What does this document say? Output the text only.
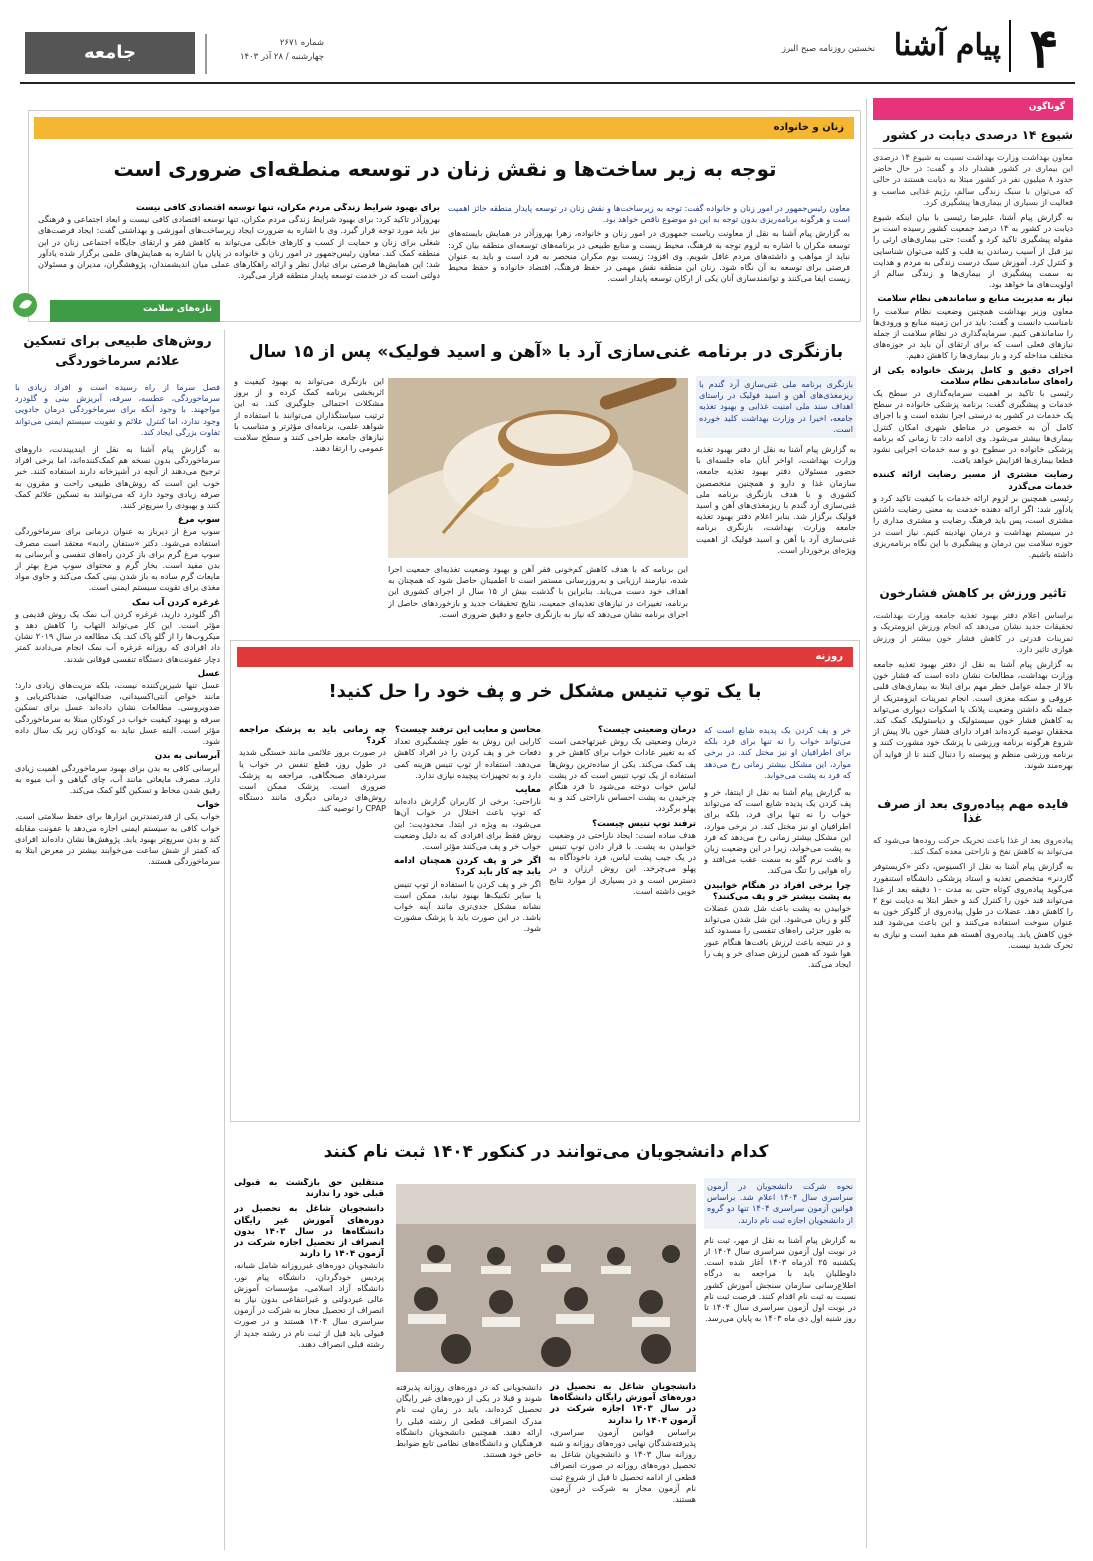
۴
پیام آشنا
نخستین روزنامه صبح البرز
جامعه	شماره ۲۶۷۱
چهارشنبه / ۲۸ آذر ۱۴۰۳
گوناگون
شیوع ۱۴ درصدی دیابت در کشور
معاون بهداشت وزارت بهداشت نسبت به شیوع ۱۴ درصدی این بیماری در کشور هشدار داد و گفت: در حال حاضر حدود ۸ میلیون نفر در کشور مبتلا به دیابت هستند در حالی که می‌توان با سبک زندگی سالم، رژیم غذایی مناسب و فعالیت از بسیاری از بیماری‌ها پیشگیری کرد.
به گزارش پیام آشنا، علیرضا رئیسی با بیان اینکه شیوع دیابت در کشور به ۱۴ درصد جمعیت کشور رسیده است بر مقوله پیشگیری تاکید کرد و گفت: حتی بیماری‌های ارثی را نیز قبل از آسیب رساندن به قلب و کلیه می‌توان شناسایی و کنترل کرد. آموزش سبک درست زندگی به مردم و هدایت به سمت پیشگیری از بیماری‌ها و زندگی سالم از اولویت‌های ما خواهد بود.
نیاز به مدیریت منابع و ساماندهی نظام سلامت
معاون وزیر بهداشت همچنین وضعیت نظام سلامت را نامناسب دانست و گفت: باید در این زمینه منابع و ورودی‌ها را ساماندهی کنیم. سرمایه‌گذاری در نظام سلامت از جمله نیازهای فعلی است که برای ارتقای آن باید در حوزه‌های مختلف مداخله کرد و بار بیماری‌ها را کاهش دهیم.
اجرای دقیق و کامل پزشک خانواده یکی از راه‌های ساماندهی نظام سلامت
رئیسی با تاکید بر اهمیت سرمایه‌گذاری در سطح یک خدمات و پیشگیری گفت: برنامه پزشکی خانواده در سطح یک خدمات در کشور به درستی اجرا نشده است و با اجرای کامل آن به خصوص در مناطق شهری امکان کنترل بیماری‌ها بیشتر می‌شود. وی ادامه داد: تا زمانی که برنامه پزشکی خانواده در سطوح دو و سه خدمات اجرایی نشود قطعا بیماری‌ها افزایش خواهد یافت.
رضایت مشتری از مسیر رضایت ارائه کننده خدمات می‌گذرد
رئیسی همچنین بر لزوم ارائه خدمات با کیفیت تاکید کرد و یادآور شد: اگر ارائه دهنده خدمت به معنی رضایت داشتن مشتری است، پس باید فرهنگ رضایت و مشتری مداری را در سیستم بهداشت و درمان نهادینه کنیم. نیاز است در حوزه سلامت بین درمان و پیشگیری با این نگاه برنامه‌ریزی داشته باشیم.
تاثیر ورزش بر کاهش فشارخون
براساس اعلام دفتر بهبود تغذیه جامعه وزارت بهداشت، تحقیقات جدید نشان می‌دهد که انجام ورزش ایزومتریک و تمرینات قدرتی در کاهش فشار خون بیشتر از ورزش هوازی تاثیر دارد.
به گزارش پیام آشنا به نقل از دفتر بهبود تغذیه جامعه وزارت بهداشت، مطالعات نشان داده است که فشار خون بالا از جمله عوامل خطر مهم برای ابتلا به بیماری‌های قلبی عروقی و سکته مغزی است. انجام تمرینات ایزومتریک از جمله نگه داشتن وضعیت پلانک یا اسکوات دیواری می‌تواند به کاهش فشار خون سیستولیک و دیاستولیک کمک کند. محققان توصیه کرده‌اند افراد دارای فشار خون بالا پیش از شروع هرگونه برنامه ورزشی با پزشک خود مشورت کنند و برنامه ورزشی منظم و پیوسته را دنبال کنند تا از فواید آن بهره‌مند شوند.
فایده مهم پیاده‌روی بعد از صرف غذا
پیاده‌روی بعد از غذا باعث تحریک حرکت روده‌ها می‌شود که می‌تواند به کاهش نفخ و ناراحتی معده کمک کند.
به گزارش پیام آشنا به نقل از اکسیوس، دکتر «کریستوفر گاردنر» متخصص تغذیه و استاد پزشکی دانشگاه استنفورد می‌گوید پیاده‌روی کوتاه حتی به مدت ۱۰ دقیقه بعد از غذا می‌تواند قند خون را کنترل کند و خطر ابتلا به دیابت نوع ۲ را کاهش دهد. عضلات در طول پیاده‌روی از گلوکز خون به عنوان سوخت استفاده می‌کنند و این باعث می‌شود قند خون کاهش یابد. پیاده‌روی آهسته هم مفید است و نیازی به تحرک شدید نیست.
زنان و خانواده
توجه به زیر ساخت‌ها و نقش زنان در توسعه منطقه‌ای ضروری است
معاون رئیس‌جمهور در امور زنان و خانواده گفت: توجه به زیرساخت‌ها و نقش زنان در توسعه پایدار منطقه حائز اهمیت است و هرگونه برنامه‌ریزی بدون توجه به این دو موضوع ناقص خواهد بود.
به گزارش پیام آشنا به نقل از معاونت ریاست جمهوری در امور زنان و خانواده، زهرا بهروزآذر در همایش بایسته‌های توسعه مکران با اشاره به لزوم توجه به فرهنگ، محیط زیست و منابع طبیعی در برنامه‌های توسعه‌ای منطقه بیان کرد: نباید از مواهب و داشته‌های مردم غافل شویم. وی افزود: زیست بوم مکران منحصر به فرد است و باید به عنوان فرصتی برای توسعه به آن نگاه شود. زنان این منطقه نقش مهمی در حفظ فرهنگ، اقتصاد خانواده و حفظ محیط زیست ایفا می‌کنند و توانمندسازی آنان یکی از ارکان توسعه پایدار است.
برای بهبود شرایط زندگی مردم مکران، تنها توسعه اقتصادی کافی نیست
بهروزآذر تاکید کرد: برای بهبود شرایط زندگی مردم مکران، تنها توسعه اقتصادی کافی نیست و ابعاد اجتماعی و فرهنگی نیز باید مورد توجه قرار گیرد. وی با اشاره به ضرورت ایجاد زیرساخت‌های آموزشی و بهداشتی گفت: ایجاد فرصت‌های شغلی برای زنان و حمایت از کسب و کارهای خانگی می‌تواند به کاهش فقر و ارتقای جایگاه اجتماعی زنان در این منطقه کمک کند. معاون رئیس‌جمهور در امور زنان و خانواده در پایان با اشاره به همایش‌های علمی برگزار شده یادآور شد: این همایش‌ها فرصتی برای تبادل نظر و ارائه راهکارهای عملی میان اندیشمندان، پژوهشگران، مدیران و مسئولان دولتی است که در خدمت توسعه پایدار منطقه قرار می‌گیرد.
تازه‌های سلامت
روش‌های طبیعی برای تسکین علائم سرماخوردگی
فصل سرما از راه رسیده است و افراد زیادی با سرماخوردگی، عطسه، سرفه، آبریزش بینی و گلودرد مواجهند. با وجود آنکه برای سرماخوردگی درمان جادویی وجود ندارد، اما کنترل علائم و تقویت سیستم ایمنی می‌تواند تفاوت بزرگی ایجاد کند.
به گزارش پیام آشنا به نقل از ایندیپندنت، داروهای سرماخوردگی بدون نسخه هم کمک‌کننده‌اند، اما برخی افراد ترجیح می‌دهند از آنچه در آشپزخانه دارند استفاده کنند. خبر خوب این است که روش‌های طبیعی راحت و مقرون به صرفه زیادی وجود دارد که می‌توانند به تسکین علائم کمک کنند و بهبودی را سریع‌تر کنند.
سوپ مرغ
سوپ مرغ از دیرباز به عنوان درمانی برای سرماخوردگی استفاده می‌شود. دکتر «ستفان رادبه» معتقد است مصرف سوپ مرغ گرم برای باز کردن راه‌های تنفسی و آبرسانی به بدن مفید است. بخار گرم و محتوای سوپ مرغ بهتر از مایعات گرم ساده به باز شدن بینی کمک می‌کند و حاوی مواد مغذی برای تقویت سیستم ایمنی است.
غرغره کردن آب نمک
اگر گلودرد دارید، غرغره کردن آب نمک یک روش قدیمی و مؤثر است. این کار می‌تواند التهاب را کاهش دهد و میکروب‌ها را از گلو پاک کند. یک مطالعه در سال ۲۰۱۹ نشان داد افرادی که روزانه غرغره آب نمک انجام می‌دادند کمتر دچار عفونت‌های دستگاه تنفسی فوقانی شدند.
عسل
عسل تنها شیرین‌کننده نیست، بلکه مزیت‌های زیادی دارد؛ مانند خواص آنتی‌اکسیدانی، ضدالتهابی، ضدباکتریایی و ضدویروسی. مطالعات نشان داده‌اند عسل برای تسکین سرفه و بهبود کیفیت خواب در کودکان مبتلا به سرماخوردگی مؤثر است. البته عسل نباید به کودکان زیر یک سال داده شود.
آبرسانی به بدن
آبرسانی کافی به بدن برای بهبود سرماخوردگی اهمیت زیادی دارد. مصرف مایعاتی مانند آب، چای گیاهی و آب میوه به رقیق شدن مخاط و تسکین گلو کمک می‌کند.
خواب
خواب یکی از قدرتمندترین ابزارها برای حفظ سلامتی است. خواب کافی به سیستم ایمنی اجازه می‌دهد با عفونت مقابله کند و بدن سریع‌تر بهبود یابد. پژوهش‌ها نشان داده‌اند افرادی که کمتر از شش ساعت می‌خوابند بیشتر در معرض ابتلا به سرماخوردگی هستند.
بازنگری در برنامه غنی‌سازی آرد با «آهن و اسید فولیک» پس از ۱۵ سال
بازنگری برنامه ملی غنی‌سازی آرد گندم با ریزمغذی‌های آهن و اسید فولیک در راستای اهداف سند ملی امنیت غذایی و بهبود تغذیه جامعه، اخیرا در وزارت بهداشت کلید خورده است.
به گزارش پیام آشنا به نقل از دفتر بهبود تغذیه وزارت بهداشت، اواخر آبان ماه جلسه‌ای با حضور مسئولان دفتر بهبود تغذیه جامعه، سازمان غذا و دارو و همچنین متخصصین کشوری و با هدف بازنگری برنامه ملی غنی‌سازی آرد گندم با ریزمغذی‌های آهن و اسید فولیک برگزار شد. بنابر اعلام دفتر بهبود تغذیه جامعه وزارت بهداشت، بازنگری برنامه غنی‌سازی آرد با آهن و اسید فولیک از اهمیت ویژه‌ای برخوردار است.
این برنامه که با هدف کاهش کم‌خونی فقر آهن و بهبود وضعیت تغذیه‌ای جمعیت اجرا شده، نیازمند ارزیابی و به‌روزرسانی مستمر است تا اطمینان حاصل شود که همچنان به اهداف خود دست می‌یابد. بنابراین با گذشت بیش از ۱۵ سال از اجرای کشوری این برنامه، تغییرات در نیازهای تغذیه‌ای جمعیت، نتایج تحقیقات جدید و بازخوردهای حاصل از اجرای برنامه نشان می‌دهد که نیاز به بازنگری جامع و دقیق ضروری است.
این بازنگری می‌تواند به بهبود کیفیت و اثربخشی برنامه کمک کرده و از بروز مشکلات احتمالی جلوگیری کند. به این ترتیب سیاستگذاران می‌توانند با استفاده از شواهد علمی، برنامه‌ای مؤثرتر و متناسب با نیازهای جامعه طراحی کنند و سطح سلامت عمومی را ارتقا دهند.
روزنه
با یک توپ تنیس مشکل خر و پف خود را حل کنید!
خر و پف کردن یک پدیده شایع است که می‌تواند خواب را نه تنها برای فرد بلکه برای اطرافیان او نیز مختل کند. در برخی موارد، این مشکل بیشتر زمانی رخ می‌دهد که فرد به پشت می‌خوابد.
به گزارش پیام آشنا به نقل از اینتفا، خر و پف کردن یک پدیده شایع است که می‌تواند خواب را نه تنها برای فرد، بلکه برای اطرافیان او نیز مختل کند. در برخی موارد، این مشکل بیشتر زمانی رخ می‌دهد که فرد به پشت می‌خوابد، زیرا در این وضعیت زبان و بافت نرم گلو به سمت عقب می‌افتد و راه هوایی را تنگ می‌کند.
چرا برخی افراد در هنگام خوابیدن به پشت بیشتر خر و پف می‌کنند؟
خوابیدن به پشت باعث شل شدن عضلات گلو و زبان می‌شود. این شل شدن می‌تواند به طور جزئی راه‌های تنفسی را مسدود کند و در نتیجه باعث لرزش بافت‌ها هنگام عبور هوا شود که همین لرزش صدای خر و پف را ایجاد می‌کند.
درمان وضعیتی چیست؟
درمان وضعیتی یک روش غیرتهاجمی است که به تغییر عادات خواب برای کاهش خر و پف کمک می‌کند. یکی از ساده‌ترین روش‌ها استفاده از یک توپ تنیس است که در پشت لباس خواب دوخته می‌شود تا فرد هنگام چرخیدن به پشت احساس ناراحتی کند و به پهلو برگردد.
ترفند توپ تنیس چیست؟
هدف ساده است: ایجاد ناراحتی در وضعیت خوابیدن به پشت. با قرار دادن توپ تنیس در یک جیب پشت لباس، فرد ناخودآگاه به پهلو می‌چرخد. این روش ارزان و در دسترس است و در بسیاری از موارد نتایج خوبی داشته است.
محاسن و معایب این ترفند چیست؟
کارایی این روش به طور چشمگیری تعداد دفعات خر و پف کردن را در افراد کاهش می‌دهد. استفاده از توپ تنیس هزینه کمی دارد و به تجهیزات پیچیده نیازی ندارد.
معایب
ناراحتی: برخی از کاربران گزارش داده‌اند که توپ باعث اختلال در خواب آن‌ها می‌شود، به ویژه در ابتدا. محدودیت: این روش فقط برای افرادی که به دلیل وضعیت خواب خر و پف می‌کنند مؤثر است.
اگر خر و پف کردن همچنان ادامه یابد چه کار باید کرد؟
اگر خر و پف کردن با استفاده از توپ تنیس یا سایر تکنیک‌ها بهبود نیابد، ممکن است نشانه مشکل جدی‌تری مانند آپنه خواب باشد. در این صورت باید با پزشک مشورت شود.
چه زمانی باید به پزشک مراجعه کرد؟
در صورت بروز علائمی مانند خستگی شدید در طول روز، قطع تنفس در خواب یا سردردهای صبحگاهی، مراجعه به پزشک ضروری است. پزشک ممکن است روش‌های درمانی دیگری مانند دستگاه CPAP را توصیه کند.
کدام دانشجویان می‌توانند در کنکور ۱۴۰۴ ثبت نام کنند
نحوه شرکت دانشجویان در آزمون سراسری سال ۱۴۰۴ اعلام شد. براساس قوانین آزمون سراسری ۱۴۰۴ تنها دو گروه از دانشجویان اجازه ثبت نام دارند.
به گزارش پیام آشنا به نقل از مهر، ثبت نام در نوبت اول آزمون سراسری سال ۱۴۰۴ از یکشنبه ۲۵ آذرماه ۱۴۰۳ آغاز شده است. داوطلبان باید با مراجعه به درگاه اطلاع‌رسانی سازمان سنجش آموزش کشور نسبت به ثبت نام اقدام کنند. فرصت ثبت نام در نوبت اول آزمون سراسری سال ۱۴۰۴ تا روز شنبه اول دی ماه ۱۴۰۳ به پایان می‌رسد.
دانشجویان شاغل به تحصیل در دوره‌های آموزش رایگان دانشگاه‌ها در سال ۱۴۰۳ اجازه شرکت در آزمون ۱۴۰۴ را ندارند
براساس قوانین آزمون سراسری، پذیرفته‌شدگان نهایی دوره‌های روزانه و شبه روزانه سال ۱۴۰۳ و دانشجویان شاغل به تحصیل دوره‌های روزانه در صورت انصراف قطعی از ادامه تحصیل تا قبل از شروع ثبت نام آزمون مجاز به شرکت در آزمون هستند.
دانشجویانی که در دوره‌های روزانه پذیرفته شوند و قبلا در یکی از دوره‌های غیر رایگان تحصیل کرده‌اند، باید در زمان ثبت نام مدرک انصراف قطعی از رشته قبلی را ارائه دهند. همچنین دانشجویان دانشگاه فرهنگیان و دانشگاه‌های نظامی تابع ضوابط خاص خود هستند.
منتقلین حق بازگشت به قبولی قبلی خود را ندارند
دانشجویان شاغل به تحصیل در دوره‌های آموزش غیر رایگان دانشگاه‌ها در سال ۱۴۰۳ بدون انصراف از تحصیل اجازه شرکت در آزمون ۱۴۰۴ را دارند
دانشجویان دوره‌های غیرروزانه شامل شبانه، پردیس خودگردان، دانشگاه پیام نور، دانشگاه آزاد اسلامی، مؤسسات آموزش عالی غیردولتی و غیرانتفاعی بدون نیاز به انصراف از تحصیل مجاز به شرکت در آزمون سراسری سال ۱۴۰۴ هستند و در صورت قبولی باید قبل از ثبت نام در رشته جدید از رشته قبلی انصراف دهند.
